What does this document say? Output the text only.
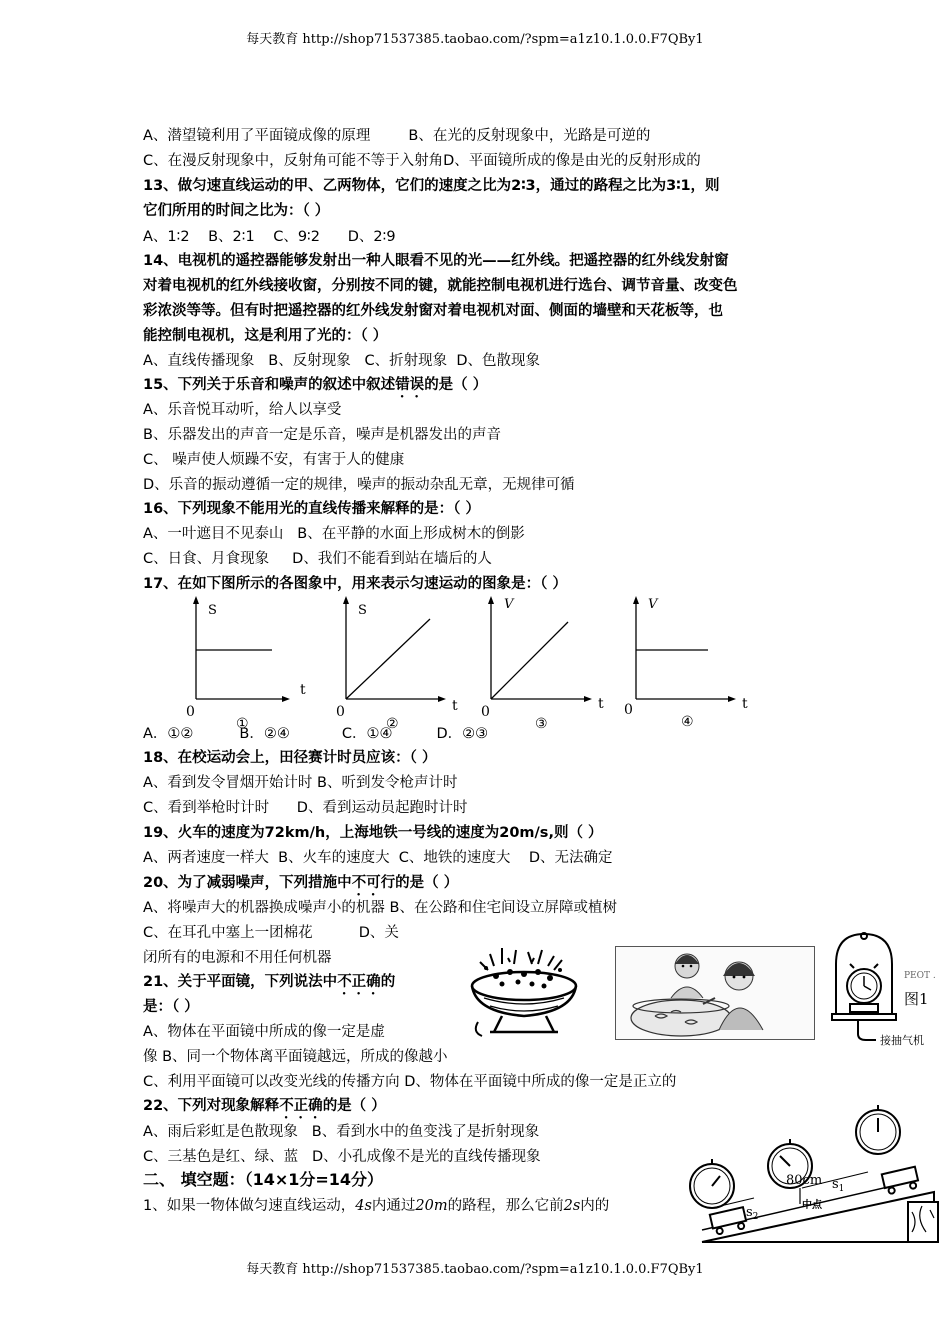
每天教育 http://shop71537385.taobao.com/?spm=a1z10.1.0.0.F7QBy1
每天教育 http://shop71537385.taobao.com/?spm=a1z10.1.0.0.F7QBy1
A、潜望镜利用了平面镜成像的原理	B、在光的反射现象中，光路是可逆的
C、在漫反射现象中，反射角可能不等于入射角D、平面镜所成的像是由光的反射形成的
13、做匀速直线运动的甲、乙两物体，它们的速度之比为2∶3，通过的路程之比为3∶1，则
它们所用的时间之比为：（ ）
A、1∶2    B、2∶1    C、9∶2      D、2∶9
14、电视机的遥控器能够发射出一种人眼看不见的光——红外线。把遥控器的红外线发射窗
对着电视机的红外线接收窗，分别按不同的键，就能控制电视机进行选台、调节音量、改变色
彩浓淡等等。但有时把遥控器的红外线发射窗对着电视机对面、侧面的墙壁和天花板等，也
能控制电视机，这是利用了光的：（ ）
A、直线传播现象   B、反射现象   C、折射现象  D、色散现象
15、下列关于乐音和噪声的叙述中叙述错误的是（ ）
A、乐音悦耳动听，给人以享受
B、乐器发出的声音一定是乐音，噪声是机器发出的声音
C、 噪声使人烦躁不安，有害于人的健康
D、乐音的振动遵循一定的规律，噪声的振动杂乱无章，无规律可循
16、下列现象不能用光的直线传播来解释的是：（ ）
A、一叶遮目不见泰山   B、在平静的水面上形成树木的倒影
C、日食、月食现象     D、我们不能看到站在墙后的人
17、在如下图所示的各图象中，用来表示匀速运动的图象是：（ ）
S
t
0
①
S
t
0
②
V
t
0
③
V
t
0
④
A．①②	B．②④	C．①④	D．②③
18、在校运动会上，田径赛计时员应该：（ ）
A、看到发令冒烟开始计时 B、听到发令枪声计时
C、看到举枪时计时      D、看到运动员起跑时计时
19、火车的速度为72km/h，上海地铁一号线的速度为20m/s,则（ ）
A、两者速度一样大  B、火车的速度大  C、地铁的速度大    D、无法确定
20、为了减弱噪声，下列措施中不可行的是（ ）
A、将噪声大的机器换成噪声小的机器 B、在公路和住宅间设立屏障或植树
C、在耳孔中塞上一团棉花          D、关
闭所有的电源和不用任何机器
21、关于平面镜，下列说法中不正确的
是：（ ）
A、物体在平面镜中所成的像一定是虚
像 B、同一个物体离平面镜越远，所成的像越小
C、利用平面镜可以改变光线的传播方向 D、物体在平面镜中所成的像一定是正立的
PEOT .
图1
接抽气机
22、下列对现象解释不正确的是（ ）
A、雨后彩虹是色散现象   B、看到水中的鱼变浅了是折射现象
C、三基色是红、绿、蓝   D、小孔成像不是光的直线传播现象
二、 填空题：（14×1分=14分）
1、如果一物体做匀速直线运动，4s内通过20m的路程，那么它前2s内的
80cm
中点
$s_1$
$s_2$
